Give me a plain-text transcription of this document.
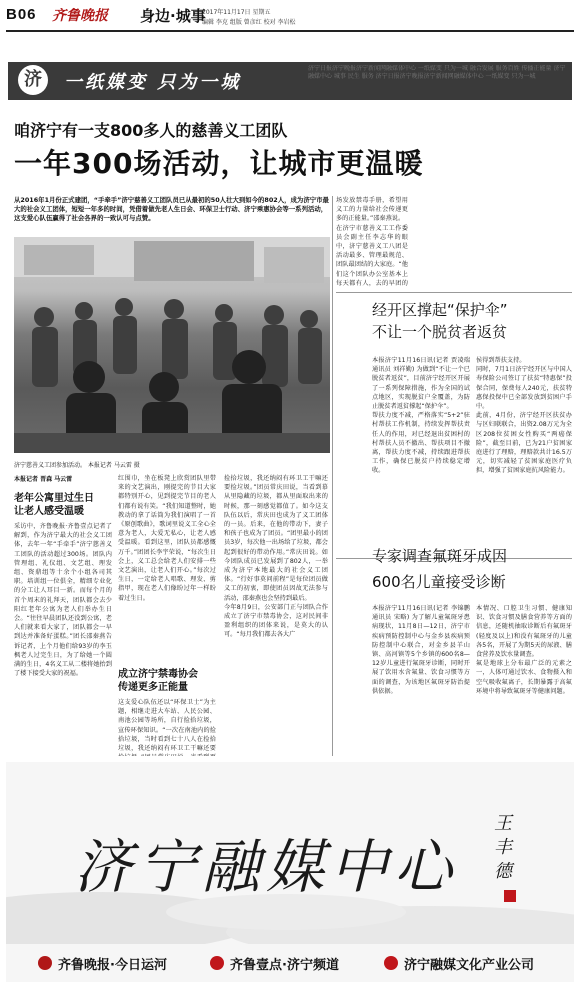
B06 齐鲁晚报 身边·城事
2017年11月17日 星期五
编辑 李克 组版 曾彦红 校对 李岩松
济	一纸媒变 只为一城
济宁日报济宁晚报济宁新闻网融媒体中心 一纸媒变 只为一城 融合发展 服务百姓 传播正能量 济宁融媒中心 城事 民生 服务 济宁日报济宁晚报济宁新闻网融媒体中心 一纸媒变 只为一城
咱济宁有一支800多人的慈善义工团队
一年300场活动，让城市更温暖
从2016年1月份正式建团，“手牵手”济宁慈善义工团队员已从最初的50人壮大到如今的802人，成为济宁市最大的社会义工团体，短短一年多的时间，凭借着做先老人生日会、环保卫士行动、济宁乘惠协会等一系列活动，这支爱心队伍赢得了社会各界的一致认可与点赞。
济宁慈善义工团参加活动。 本报记者 马云雷 摄
本报记者 晋森 马云雷
老年公寓里过生日
让老人感受温暖
采访中，齐鲁晚报·齐鲁壹点记者了解到，作为济宁最大的社会义工团体，去年一年“手牵手”济宁慈善义工团队的活动超过300场。团队内管理组、礼仪组、文艺组、理发组、资鼎组等十余个小组各司其职。培训组一位俱全，精细专业化的分工让人耳目一新。而每个月的首个周末的礼拜天，团队都会去少阳红老年公寓为老人们举办生日会。“往往早晨团队还没到公寓，老人们就来看大家了，团队都会一早到达并准备好蛋糕。”团长邵秦燕告诉记者，上个月他们给93岁的李玉枫老人过完生日，为了给她一个圆满的生日，4名义工从二楼将她抬到了楼下接受大家的祝福。
红围巾，坐在板凳上欣赏团队里带来的文艺演出，刚提完的节目大家都特别开心，见到提完节目的老人们都有说有笑。“我们知道整时，她教动的拿了话筒为我们演唱了一首《原创歌曲》，歌词里说义工全心全意为老人，大爱无私心，让老人感受温暖。看到这里，团队员都感慨万千。”团团长李宇荣说，“每次生日会上，义工总会给老人们安排一些文艺演出，让老人们开心。”每次过生日，一定给老人唱歌、理发、剪指甲，现在老人们像盼过年一样盼着过生日。
成立济宁禁毒协会
传递更多正能量
这支爱心队伍还以“环保卫士”为主题，相继走进大车站、人民公园、南池公园等场所，自行捡拾垃圾，宣传环保知识。“一次在南池内的捡拾垃圾，当时看到七十八人在捡拾垃圾，我还纳闷有环卫工干嘛还要
捡拾垃圾，我还纳闷有环卫工干嘛还要捡垃圾。”团员常庆田说，当看到慕从里隐藏的垃圾，都从里面取出来的时候，那一刻感觉都值了。如今这支队伍以后，常庆田也成为了义工团体的一员。后来，在他的带动下，妻子和孩子也成为了团员。“团里最小的团员3岁，每次他一出场给了垃圾，都会起到很好的带动作用。”常庆田说。如今团队成员已发展到了802人，一举成为济宁本地最大的社会义工团体。“行好事莫问前程”是每位团员做义工的初衷，即使团员因故无法参与活动，邵秦燕也会坚持到最后。
今年8月9日，公安部门正与团队合作成立了济宁市禁毒协会，这对民间非盈利组织的团体来说，是莫大的认可。“每月我们都去各大广
场发放禁毒手册，希望用义工的力量给社会传递更多的正能量。”邵秦燕说。
在济宁市慈善义工工作委员会副主任李志华的眼中，济宁慈善义工八团是活动最多、管理最规范、团队最团结的大家庭。“他们这个团队办公室基本上每天都有人，去的早团的
经开区撑起“保护伞”
不让一个脱贫者返贫
本报济宁11月16日讯(记者 贾凌瑞 通讯员 刘祥勤) 为做到“不让一个已脱贫者返贫”，目前济宁经开区开展了一系列保障措施，作为全国的试点地区，实现脱贫户全覆盖，为防止脱贫者返贫撑起“保护伞”。
帮扶力度不减，严格落实“5+2”驻村帮扶工作机制，持续发挥帮扶责任人的作用，对已经退出贫困村的村帮扶人员不撤出、帮扶项目不撤离，帮扶力度不减，持续跟进帮扶工作，确保已脱贫户持续稳定增收。
侯得到帮扶支持。
同时，7月1日济宁经开区与中国人寿保险公司签订了扶贫“特惠保”投保合同，保费每人240元，扶贫特惠保投保中已全部发放到贫困户手中。
此前，4月份，济宁经开区扶贫办与区妇联联合，出资2.08万元为全区208位贫困女性购买“两癌保险”，截至目前，已为21户贫困家庭进行了理赔，理赔款共计16.5万元，切实减轻了贫困家庭医疗负担，增强了贫困家庭抗风险能力。
专家调查氟斑牙成因
600名儿童接受诊断
本报济宁11月16日讯(记者 李锦鹏 通讯员 宋略) 为了解儿童氟斑牙患病现状，11月8日—12日，济宁市疾病预防控制中心与金乡县疾病预防控制中心联合，对金乡县羊山镇、高河镇等5个乡镇的600名8—12岁儿童进行氟斑牙诊断，同时开展了饮用水含氟量、饮食习惯等方面的调查，为该地区氟斑牙防治提供依据。
本情况、口腔卫生习惯、健康知识、饮食习惯及膳食营养等方面的信息，还随机抽取诊断后有氟斑牙(轻度及以上)和没有氟斑牙的儿童各5名，开展了为期5天的尿液、膳食营养及饮水量调查。
氟是地球上分布最广泛的元素之一，人体可通过饮水、食物摄入和空气吸收氟离子，长期暴露于高氟环境中将导致氟斑牙等健康问题。
济宁融媒中心
王丰德
齐鲁晚报·今日运河	齐鲁壹点·济宁频道	济宁融媒文化产业公司
